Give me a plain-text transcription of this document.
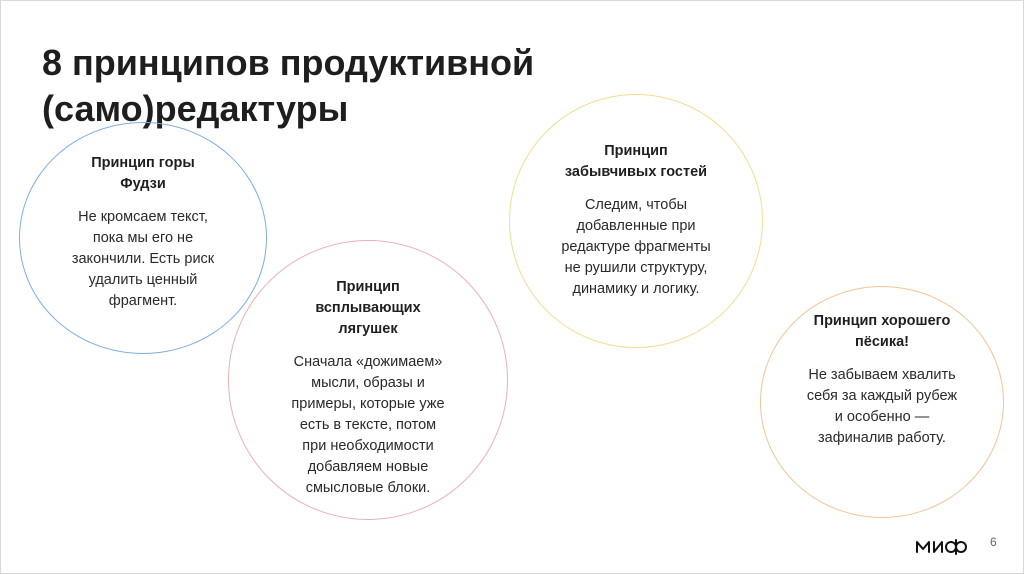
8 принципов продуктивной
(само)редактуры
Принцип горы
Фудзи
Не кромсаем текст,
пока мы его не
закончили. Есть риск
удалить ценный
фрагмент.
Принцип
всплывающих
лягушек
Сначала «дожимаем»
мысли, образы и
примеры, которые уже
есть в тексте, потом
при необходимости
добавляем новые
смысловые блоки.
Принцип
забывчивых гостей
Следим, чтобы
добавленные при
редактуре фрагменты
не рушили структуру,
динамику и логику.
Принцип хорошего
пёсика!
Не забываем хвалить
себя за каждый рубеж
и особенно —
зафиналив работу.
6
